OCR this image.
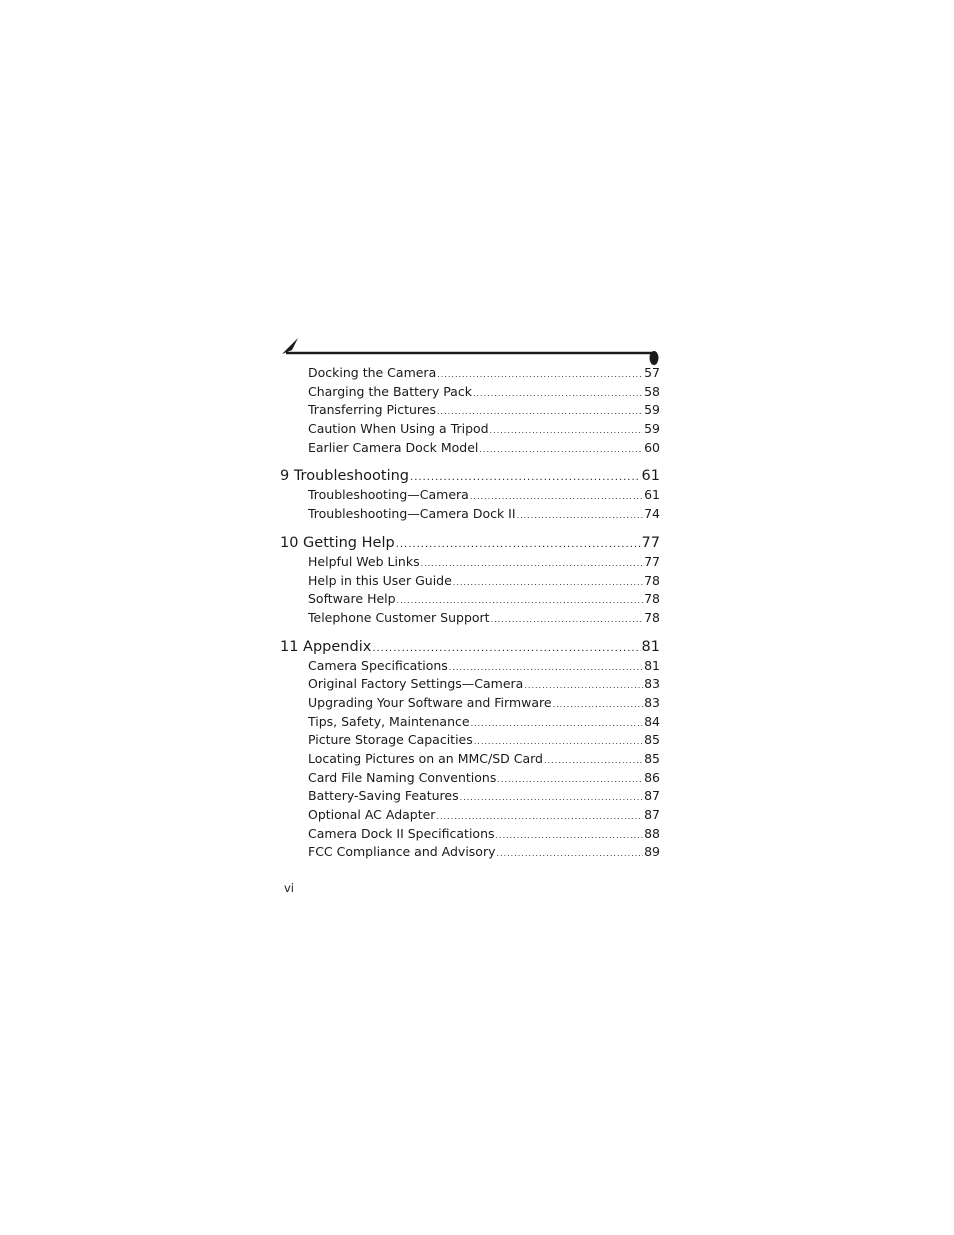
Docking the Camera .....	57
Charging the Battery Pack .....	58
Transferring Pictures .....	59
Caution When Using a Tripod .....	59
Earlier Camera Dock Model .....	60
9 Troubleshooting .....	61
Troubleshooting—Camera .....	61
Troubleshooting—Camera Dock II .....	74
10 Getting Help .....	77
Helpful Web Links .....	77
Help in this User Guide .....	78
Software Help .....	78
Telephone Customer Support .....	78
11 Appendix .....	81
Camera Specifications .....	81
Original Factory Settings—Camera .....	83
Upgrading Your Software and Firmware .....	83
Tips, Safety, Maintenance .....	84
Picture Storage Capacities .....	85
Locating Pictures on an MMC/SD Card .....	85
Card File Naming Conventions .....	86
Battery-Saving Features .....	87
Optional AC Adapter .....	87
Camera Dock II Specifications .....	88
FCC Compliance and Advisory .....	89
vi
